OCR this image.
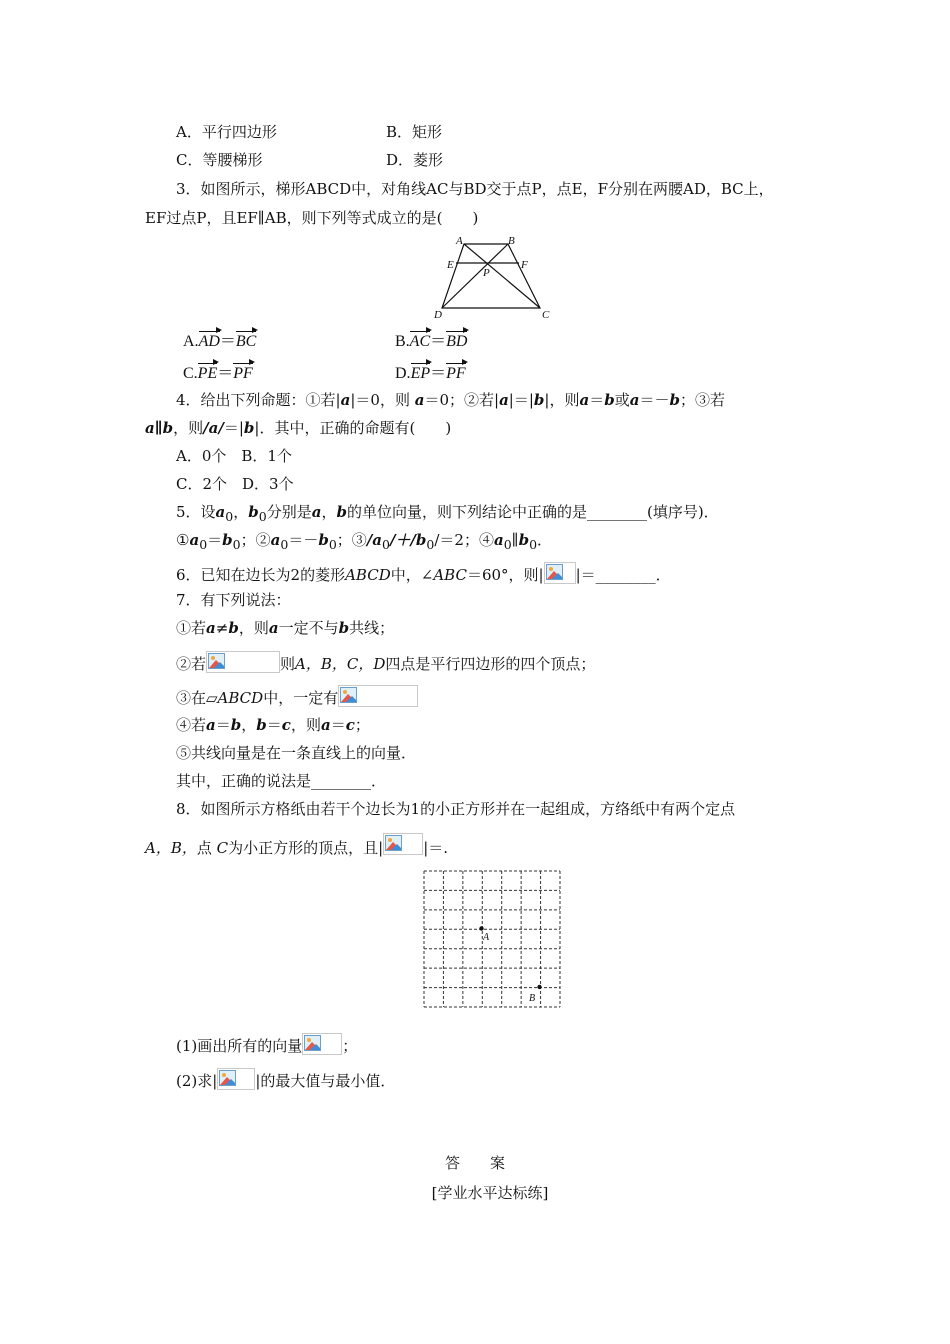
A．平行四边形	B．矩形
C．等腰梯形	D．菱形
3．如图所示，梯形ABCD中，对角线AC与BD交于点P，点E，F分别在两腰AD，BC上，
EF过点P，且EF∥AB，则下列等式成立的是(　　)
A	B
C
D
E	F
P
A.AD＝BC	B.AC＝BD
C.PE＝PF	D.EP＝PF
4．给出下列命题：①若|a|＝0，则 a＝0；②若|a|＝|b|，则a＝b或a＝－b；③若
a∥b，则/a/＝|b|．其中，正确的命题有(　　)
A．0个　B．1个
C．2个　D．3个
5．设$a_0$，$b_0$分别是a，b的单位向量，则下列结论中正确的是________(填序号)．
$①a_0=b_0$；$②a_0=-b_0$；$③/a_0/+/b_0/=2$；$④a_0\parallel b_0$．
6．已知在边长为2的菱形ABCD中，∠ABC＝60°，则| |＝________．
7．有下列说法：
①若a≠b，则a一定不与b共线；
②若	则A，B，C，D四点是平行四边形的四个顶点；
③在▱ABCD中，一定有
④若a＝b，b＝c，则a＝c；
⑤共线向量是在一条直线上的向量．
其中，正确的说法是________．
8．如图所示方格纸由若干个边长为1的小正方形并在一起组成，方络纸中有两个定点
A，B，点 C为小正方形的顶点，且|	|＝.
A
B
(1)画出所有的向量	；
(2)求|	|的最大值与最小值．
答　　案
[学业水平达标练]
